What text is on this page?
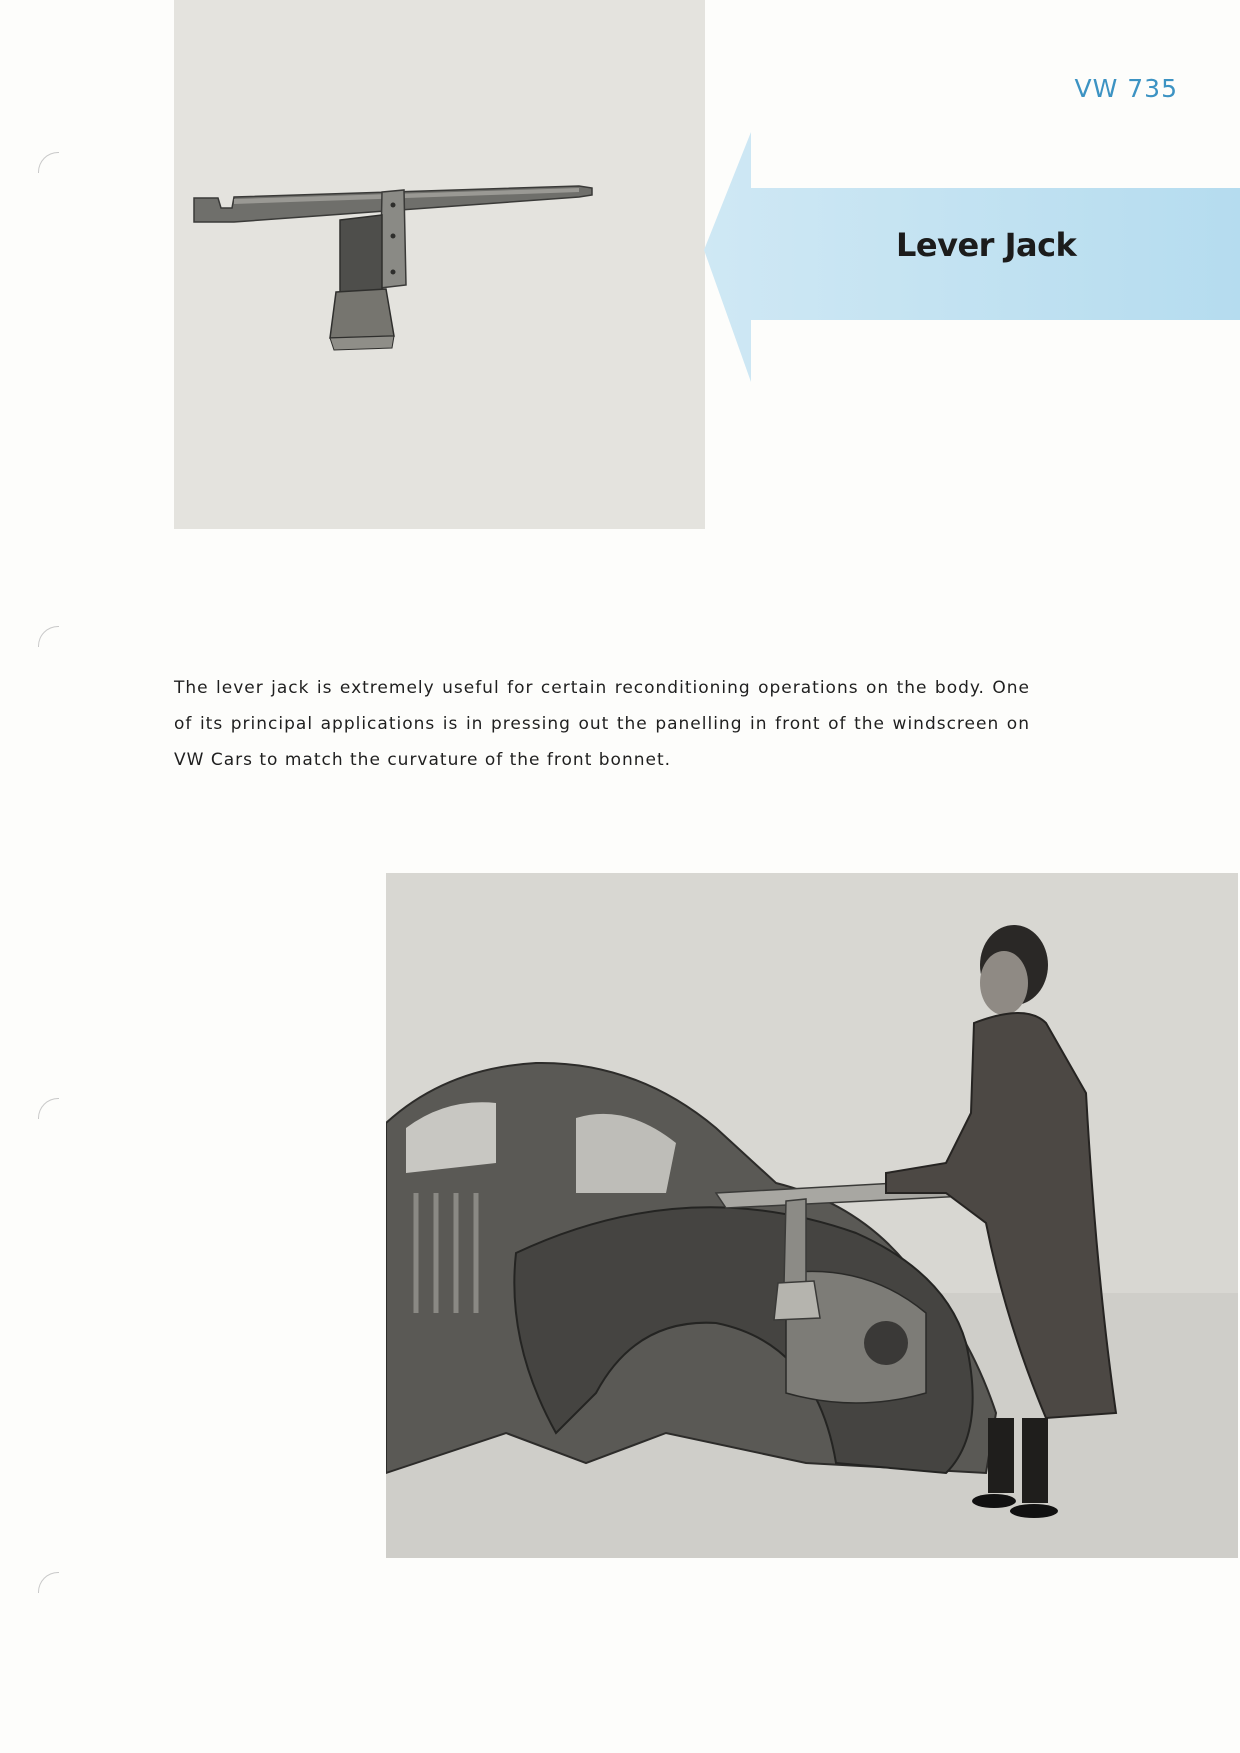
VW 735
Lever Jack

The lever jack is extremely useful for certain reconditioning operations on the body. One of its principal applications is in pressing out the panelling in front of the windscreen on VW Cars to match the curvature of the front bonnet.
